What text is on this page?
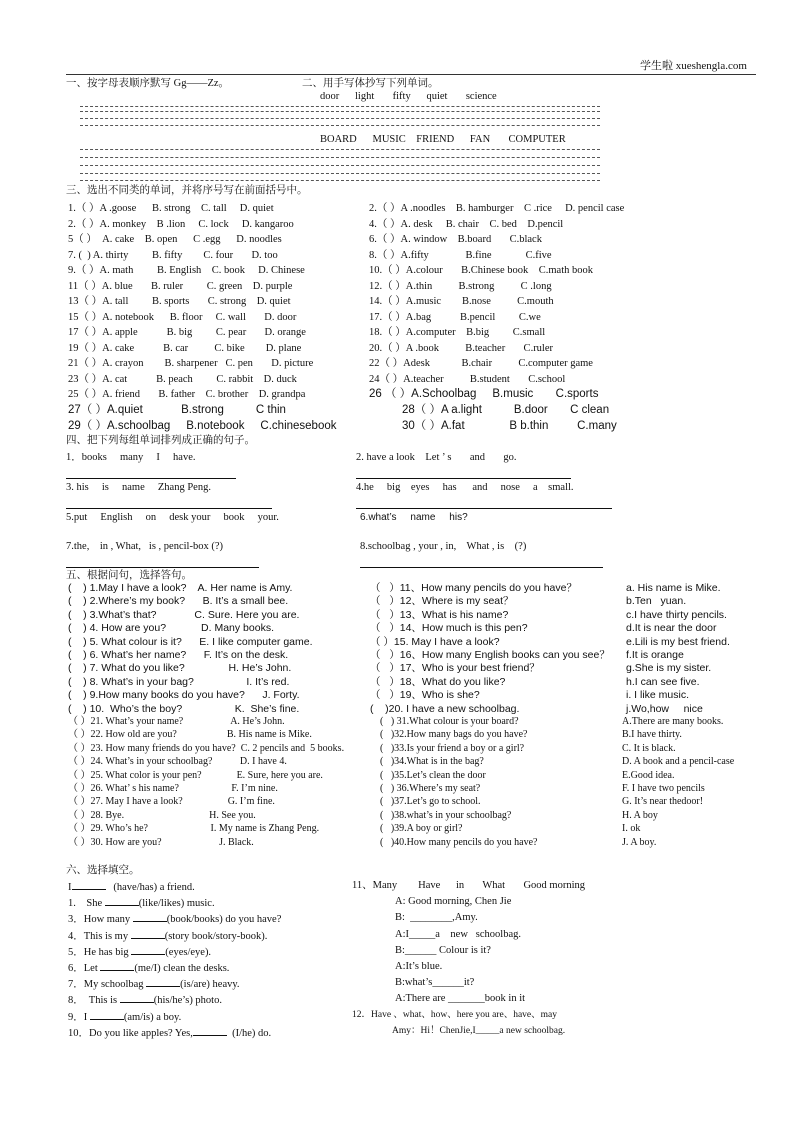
学生啦 xueshengla.com
一、按字母表顺序默写 Gg——Zz。	二、用手写体抄写下列单词。
door      light       fifty      quiet       science
BOARD      MUSIC    FRIEND      FAN       COMPUTER
三、选出不同类的单词，并将序号写在前面括号中。
1.（ ）A .goose      B. strong    C. tall     D. quiet
2.（ ）A. monkey    B .lion     C. lock     D. kangaroo
5（ ）  A. cake    B. open      C .egg      D. noodles
7. (  ) A. thirty         B. fifty        C. four       D. too
9.（ ）A. math         B. English    C. book     D. Chinese
11（ ）A. blue       B. ruler         C. green    D. purple
13（ ）A. tall         B. sports       C. strong    D. quiet
15（ ）A. notebook      B. floor     C. wall       D. door
17（ ）A. apple           B. big         C. pear       D. orange
19（ ）A. cake           B. car          C. bike        D. plane
21（ ）A. crayon        B. sharpener   C. pen       D. picture
23（ ）A. cat           B. peach         C. rabbit    D. duck
25（ ）A. friend       B. father    C. brother    D. grandpa
2.（ ）A .noodles    B. hamburger    C .rice     D. pencil case
4.（ ）A. desk     B. chair    C. bed    D.pencil
6.（ ）A. window    B.board       C.black
8.（ ）A.fifty              B.fine             C.five
10.（ ）A.colour       B.Chinese book    C.math book
12.（ ）A.thin          B.strong          C .long
14.（ ）A.music        B.nose          C.mouth
17.（ ）A.bag           B.pencil         C.we
18.（ ）A.computer    B.big         C.small
20.（ ）A .book          B.teacher       C.ruler
22（ ）Adesk            B.chair          C.computer game
24（ ）A.teacher          B.student       C.school
26 （ ）A.Schoolbag     B.music       C.sports
27（ ）A.quiet            B.strong          C thin	28（ ）A a.light          B.door       C clean
29（ ）A.schoolbag     B.notebook     C.chinesebook	30（ ）A.fat              B b.thin         C.many
四、把下列每组单词排列成正确的句子。
1．books     many     I     have.	2. have a look    Let ’ s       and       go.
3. his     is     name     Zhang Peng.	4.he     big    eyes     has      and     nose     a    small.
5.put     English     on     desk your     book     your.	6.what’s     name     his?
7.the,    in , What,   is , pencil-box (?)	8.schoolbag , your , in,    What , is    (?)
五、根据问句，选择答句。
(    ) 1.May I have a look?    A. Her name is Amy.	（   ）11、How many pencils do you have？	a. His name is Mike.
(    ) 2.Where’s my book?      B. It’s a small bee.	（   ）12、Where is my seat？	b.Ten   yuan.
(    ) 3.What’s that?             C. Sure. Here you are.	（   ）13、What is his name?	c.I have thirty pencils.
(    ) 4. How are you?            D. Many books.	（   ）14、How much is this pen?	d.It is near the door
(    ) 5. What colour is it?      E. I like computer game.	（ ）15. May I have a look?	e.Lili is my best friend.
(    ) 6. What’s her name?      F. It’s on the desk.	（   ）16、How many English books can you see？ f.It is orange
(    ) 7. What do you like?               H. He’s John.	（   ）17、Who is your best friend？	g.She is my sister.
(    ) 8. What’s in your bag?                  I. It’s red.	（   ）18、What do you like?	h.I can see five.
(    ) 9.How many books do you have?      J. Forty.	（   ）19、Who is she?	i. I like music.
(    ) 10.  Who’s the boy?                  K.  She’s fine.	(    )20. I have a new schoolbag.	j.Wo,how     nice
（ ）21. What’s your name?                   A. He’s John.	(   ) 31.What colour is your board?	A.There are many books.
（ ）22. How old are you?                    B. His name is Mike.	(   )32.How many bags do you have?	B.I have thirty.
（ ）23. How many friends do you have?  C. 2 pencils and  5 books.	(   )33.Is your friend a boy or a girl?	C. It is black.
（ ）24. What’s in your schoolbag?           D. I have 4.	(   )34.What is in the bag?	D. A book and a pencil-case
（ ）25. What color is your pen?              E. Sure, here you are.	(   )35.Let’s clean the door	E.Good idea.
（ ）26. What’ s his name?                     F. I’m nine.	(   ) 36.Where’s my seat?	F. I have two pencils
（ ）27. May I have a look?                  G. I’m fine.	(   )37.Let’s go to school.	G. It’s near thedoor!
（ ）28. Bye.                                  H. See you.	(   )38.what’s in your schoolbag?	H. A boy
（ ）29. Who’s he?                         I. My name is Zhang Peng.	(   )39.A boy or girl?	I. ok
（ ）30. How are you?                       J. Black.	(   )40.How many pencils do you have?	J. A boy.
六、选择填空。
I	(have/has) a friend.
1.    She	(like/likes) music.
3．How many	(book/books) do you have?
4．This is my	(story book/story-book).
5．He has big	(eyes/eye).
6．Let	(me/I) clean the desks.
7．My schoolbag	(is/are) heavy.
8．  This is	(his/he’s) photo.
9．I	(am/is) a boy.
10．Do you like apples? Yes,	(I/he) do.
11、Many        Have      in       What       Good morning
A: Good morning, Chen Jie
B:  ________,Amy.
A:I_____a    new   schoolbag.
B:______ Colour is it?
A:It’s blue.
B:what’s______it?
A:There are _______book in it
12．Have 、what、how、here you are、have、may
Amy：Hi！ChenJie,I_____a new schoolbag.
